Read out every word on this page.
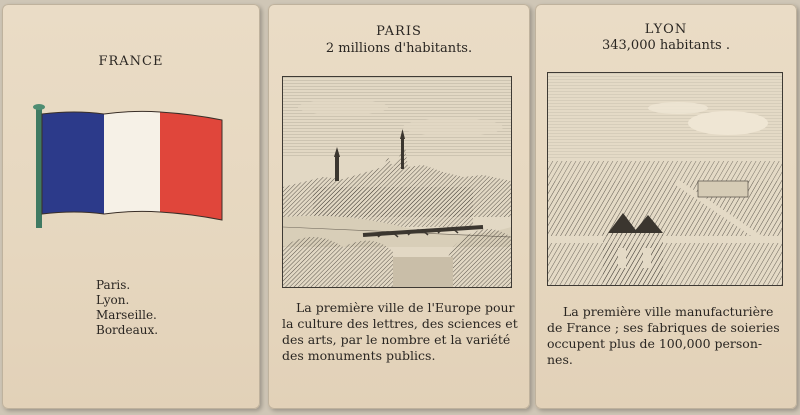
FRANCE
Paris.
Lyon.
Marseille.
Bordeaux.
PARIS
2 millions d'habitants.
La première ville de l'Europe pour
la culture des lettres, des sciences et
des arts, par le nombre et la variété
des monuments publics.
LYON
343,000 habitants .
La première ville manufacturière
de France ; ses fabriques de soieries
occupent plus de 100,000 person-
nes.
